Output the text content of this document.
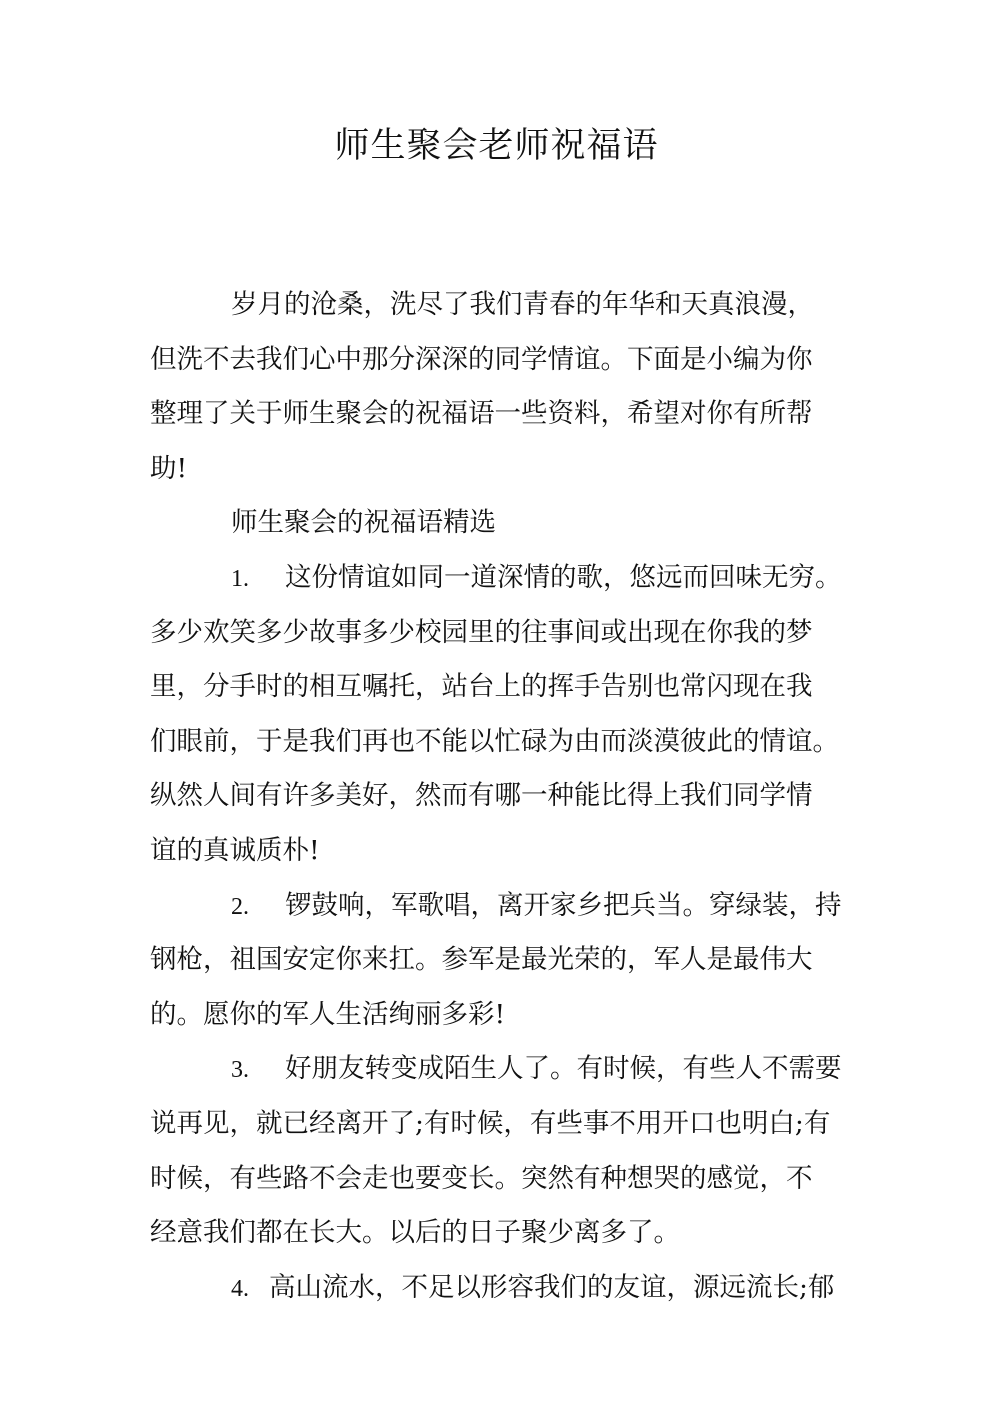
师生聚会老师祝福语
岁月的沧桑，洗尽了我们青春的年华和天真浪漫，
但洗不去我们心中那分深深的同学情谊。下面是小编为你
整理了关于师生聚会的祝福语一些资料，希望对你有所帮
助!
师生聚会的祝福语精选
1. 这份情谊如同一道深情的歌，悠远而回味无穷。
多少欢笑多少故事多少校园里的往事间或出现在你我的梦
里，分手时的相互嘱托，站台上的挥手告别也常闪现在我
们眼前，于是我们再也不能以忙碌为由而淡漠彼此的情谊。
纵然人间有许多美好，然而有哪一种能比得上我们同学情
谊的真诚质朴!
2. 锣鼓响，军歌唱，离开家乡把兵当。穿绿装，持
钢枪，祖国安定你来扛。参军是最光荣的，军人是最伟大
的。愿你的军人生活绚丽多彩!
3. 好朋友转变成陌生人了。有时候，有些人不需要
说再见，就已经离开了;有时候，有些事不用开口也明白;有
时候，有些路不会走也要变长。突然有种想哭的感觉，不
经意我们都在长大。以后的日子聚少离多了。
4. 高山流水，不足以形容我们的友谊，源远流长;郁
